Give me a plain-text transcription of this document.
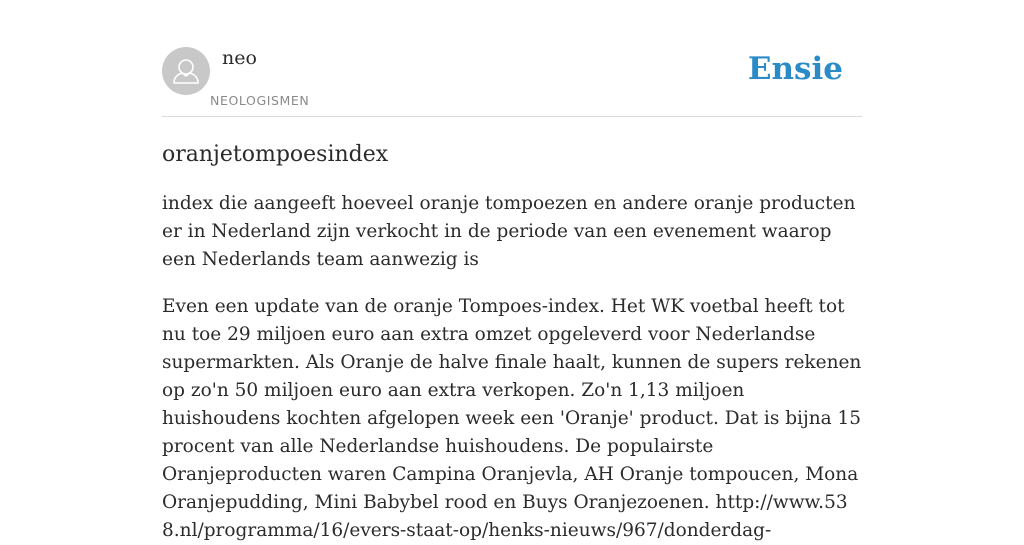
neo
NEOLOGISMEN
Ensie
oranjetompoesindex

index die aangeeft hoeveel oranje tompoezen en andere oranje producten er in Nederland zijn verkocht in de periode van een evenement waarop een Nederlands team aanwezig is

Even een update van de oranje Tompoes-index. Het WK voetbal heeft tot nu toe 29 miljoen euro aan extra omzet opgeleverd voor Nederlandse supermarkten. Als Oranje de halve finale haalt, kunnen de supers rekenen op zo'n 50 miljoen euro aan extra verkopen. Zo'n 1,13 miljoen huishoudens kochten afgelopen week een 'Oranje' product. Dat is bijna 15 procent van alle Nederlandse huishoudens. De populairste Oranjeproducten waren Campina Oranjevla, AH Oranje tompoucen, Mona Oranjepudding, Mini Babybel rood en Buys Oranjezoenen. http://www.538.nl/programma/16/evers-staat-op/henks-nieuws/967/donderdag-
